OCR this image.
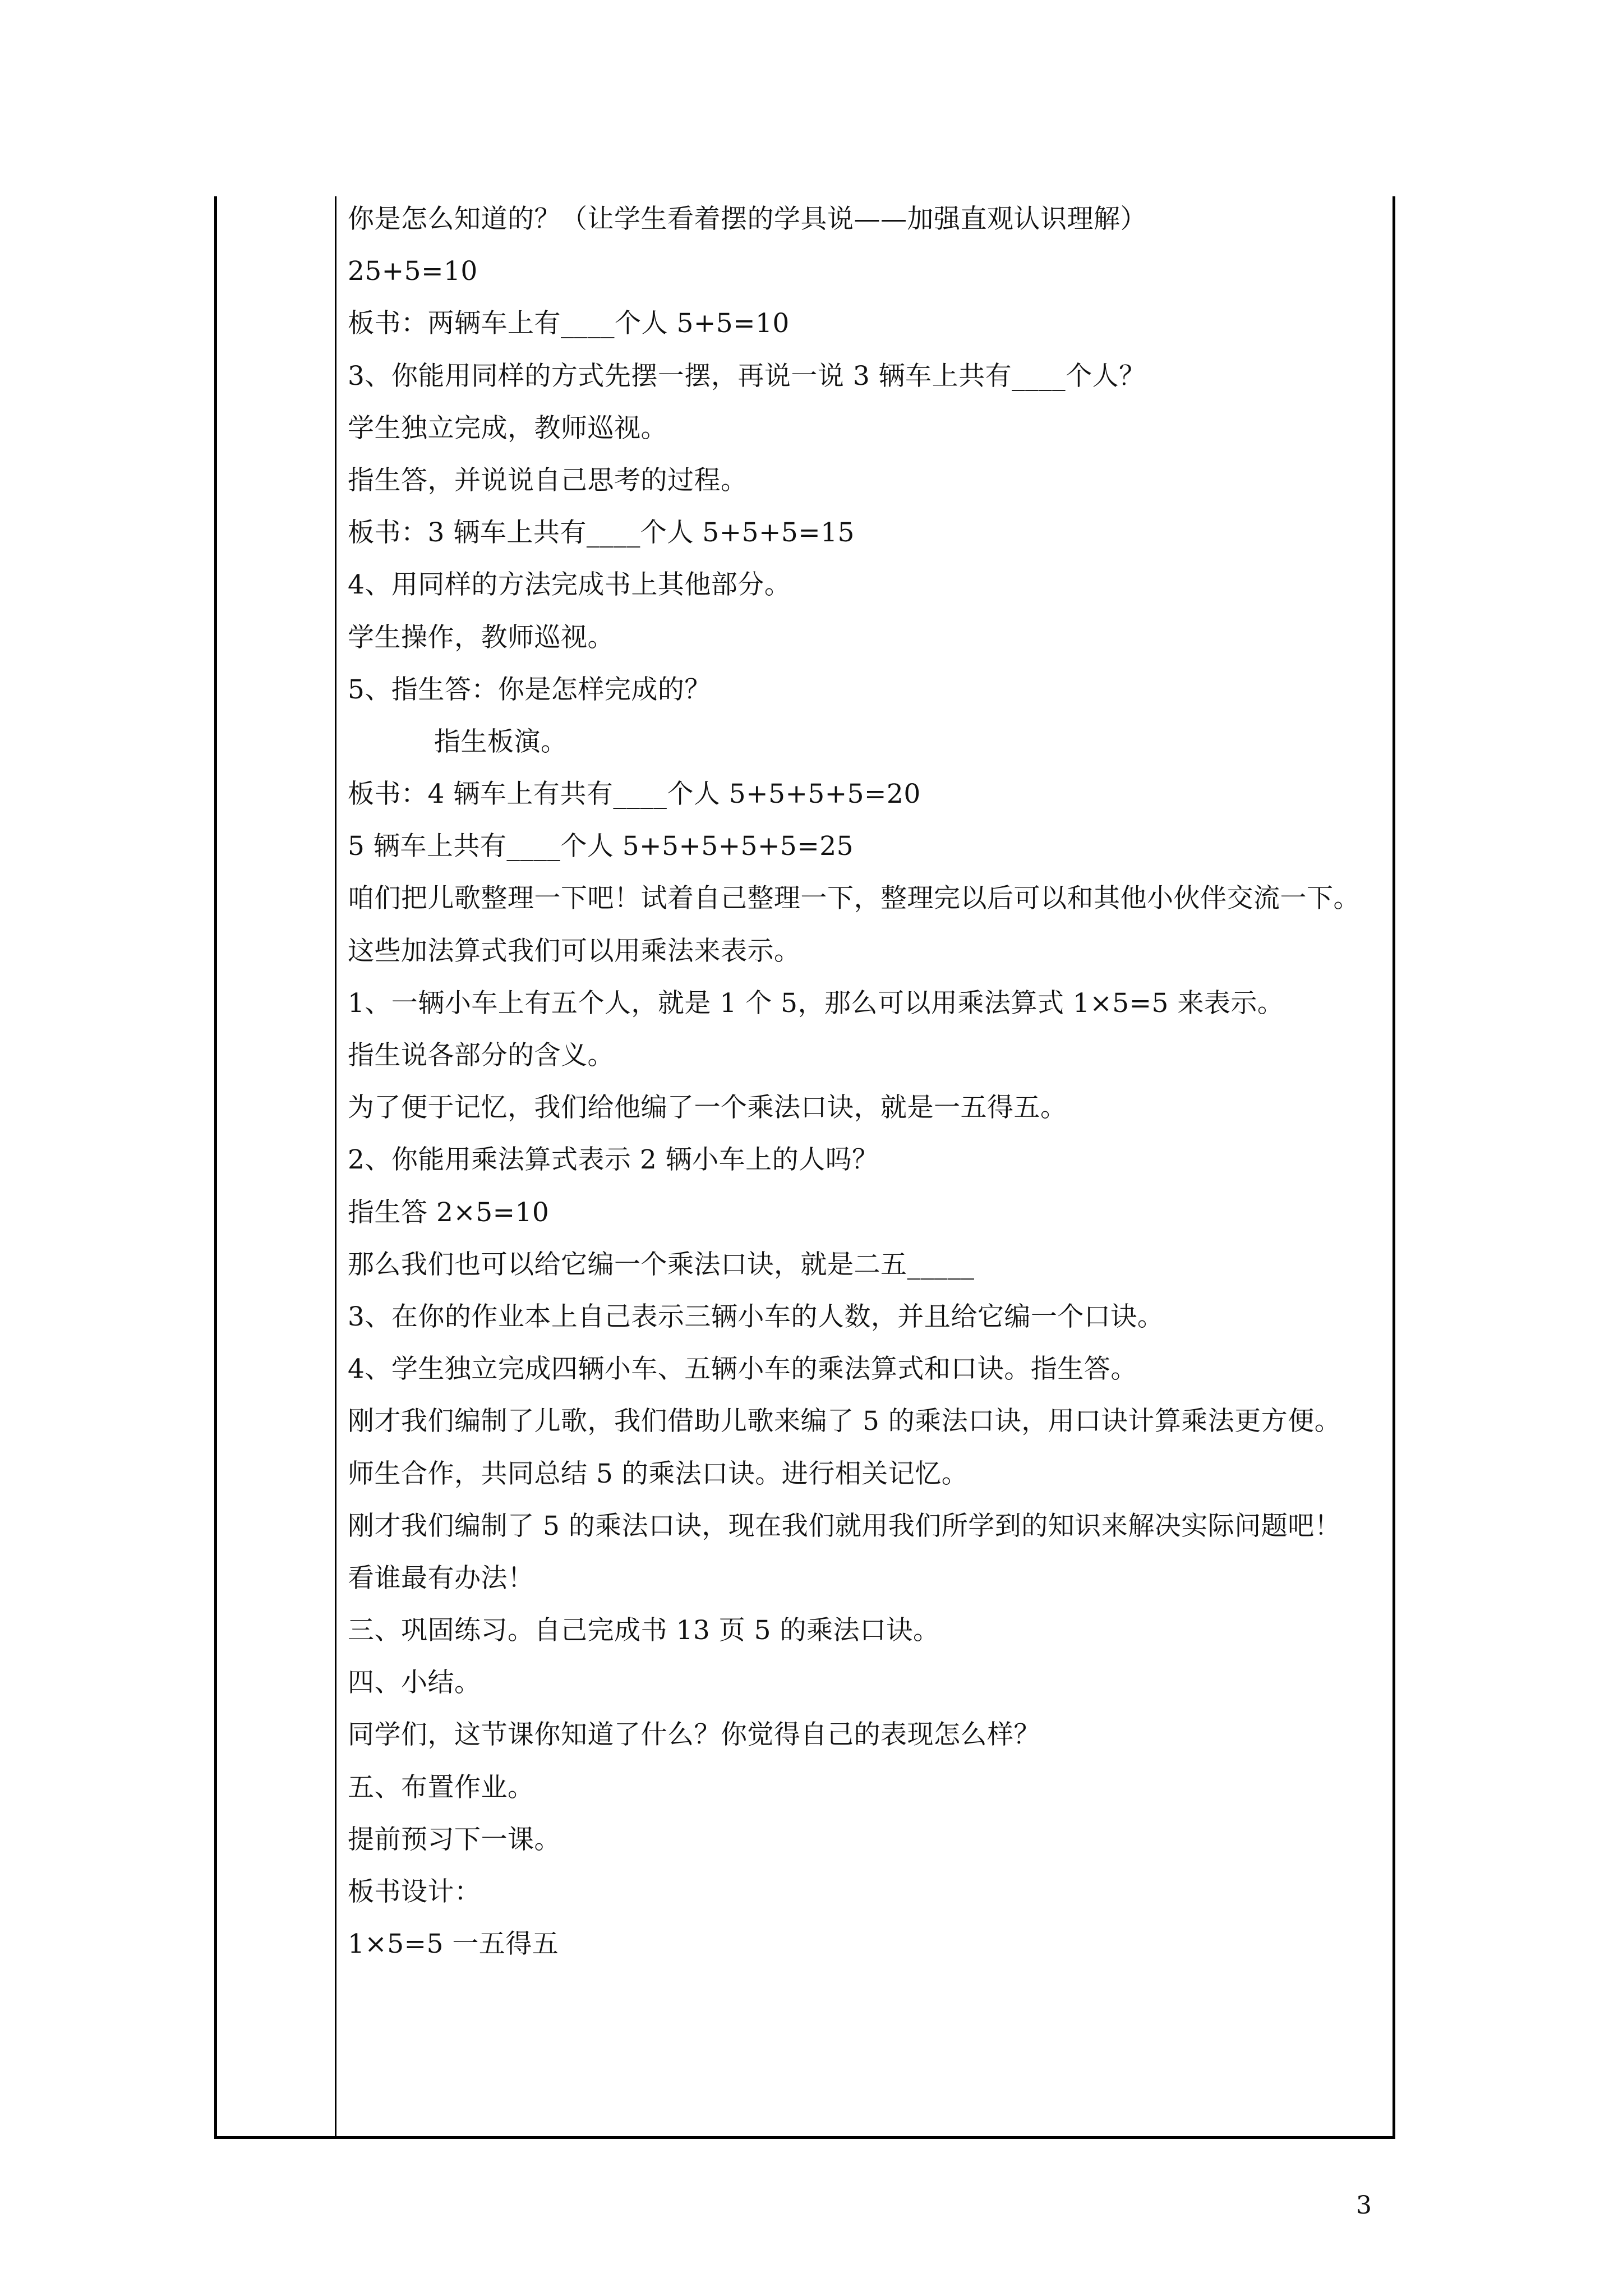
你是怎么知道的？（让学生看着摆的学具说——加强直观认识理解）
25+5=10
板书：两辆车上有____个人 5+5=10
3、你能用同样的方式先摆一摆，再说一说 3 辆车上共有____个人？
学生独立完成，教师巡视。
指生答，并说说自己思考的过程。
板书：3 辆车上共有____个人 5+5+5=15
4、用同样的方法完成书上其他部分。
学生操作，教师巡视。
5、指生答：你是怎样完成的？
指生板演。
板书：4 辆车上有共有____个人 5+5+5+5=20
5 辆车上共有____个人 5+5+5+5+5=25
咱们把儿歌整理一下吧！试着自己整理一下，整理完以后可以和其他小伙伴交流一下。
这些加法算式我们可以用乘法来表示。
1、一辆小车上有五个人，就是 1 个 5，那么可以用乘法算式 1×5=5 来表示。
指生说各部分的含义。
为了便于记忆，我们给他编了一个乘法口诀，就是一五得五。
2、你能用乘法算式表示 2 辆小车上的人吗？
指生答 2×5=10
那么我们也可以给它编一个乘法口诀，就是二五_____
3、在你的作业本上自己表示三辆小车的人数，并且给它编一个口诀。
4、学生独立完成四辆小车、五辆小车的乘法算式和口诀。指生答。
刚才我们编制了儿歌，我们借助儿歌来编了 5 的乘法口诀，用口诀计算乘法更方便。
师生合作，共同总结 5 的乘法口诀。进行相关记忆。
刚才我们编制了 5 的乘法口诀，现在我们就用我们所学到的知识来解决实际问题吧！
看谁最有办法！
三、巩固练习。自己完成书 13 页 5 的乘法口诀。
四、小结。
同学们，这节课你知道了什么？你觉得自己的表现怎么样？
五、布置作业。
提前预习下一课。
板书设计：
1×5=5 一五得五
3
